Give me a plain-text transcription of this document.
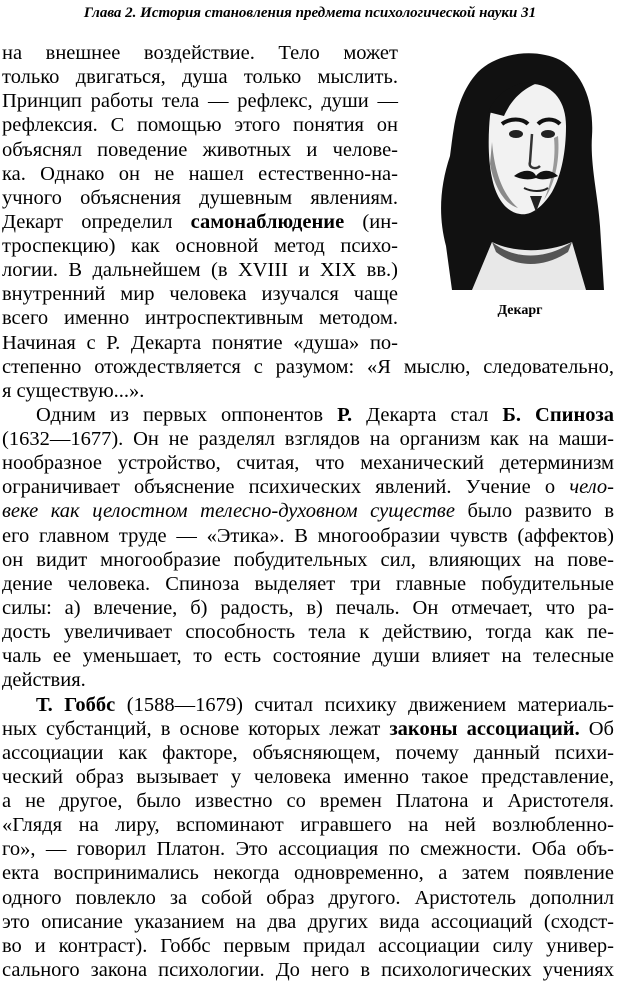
Глава 2. История становления предмета психологической науки 31
Декарг
на внешнее воздействие. Тело может
только двигаться, душа только мыслить.
Принцип работы тела — рефлекс, души —
рефлексия. С помощью этого понятия он
объяснял поведение животных и челове-
ка. Однако он не нашел естественно-на-
учного объяснения душевным явлениям.
Декарт определил самонаблюдение (ин-
троспекцию) как основной метод психо-
логии. В дальнейшем (в XVIII и XIX вв.)
внутренний мир человека изучался чаще
всего именно интроспективным методом.
Начиная с Р. Декарта понятие «душа» по-
степенно отождествляется с разумом: «Я мыслю, следовательно,
я существую...».
Одним из первых оппонентов Р. Декарта стал Б. Спиноза
(1632—1677). Он не разделял взглядов на организм как на маши-
нообразное устройство, считая, что механический детерминизм
ограничивает объяснение психических явлений. Учение о чело-
веке как целостном телесно-духовном существе было развито в
его главном труде — «Этика». В многообразии чувств (аффектов)
он видит многообразие побудительных сил, влияющих на пове-
дение человека. Спиноза выделяет три главные побудительные
силы: а) влечение, б) радость, в) печаль. Он отмечает, что ра-
дость увеличивает способность тела к действию, тогда как пе-
чаль ее уменьшает, то есть состояние души влияет на телесные
действия.
Т. Гоббс (1588—1679) считал психику движением материаль-
ных субстанций, в основе которых лежат законы ассоциаций. Об
ассоциации как факторе, объясняющем, почему данный психи-
ческий образ вызывает у человека именно такое представление,
а не другое, было известно со времен Платона и Аристотеля.
«Глядя на лиру, вспоминают игравшего на ней возлюбленно-
го», — говорил Платон. Это ассоциация по смежности. Оба объ-
екта воспринимались некогда одновременно, а затем появление
одного повлекло за собой образ другого. Аристотель дополнил
это описание указанием на два других вида ассоциаций (сходст-
во и контраст). Гоббс первым придал ассоциации силу универ-
сального закона психологии. До него в психологических учениях
